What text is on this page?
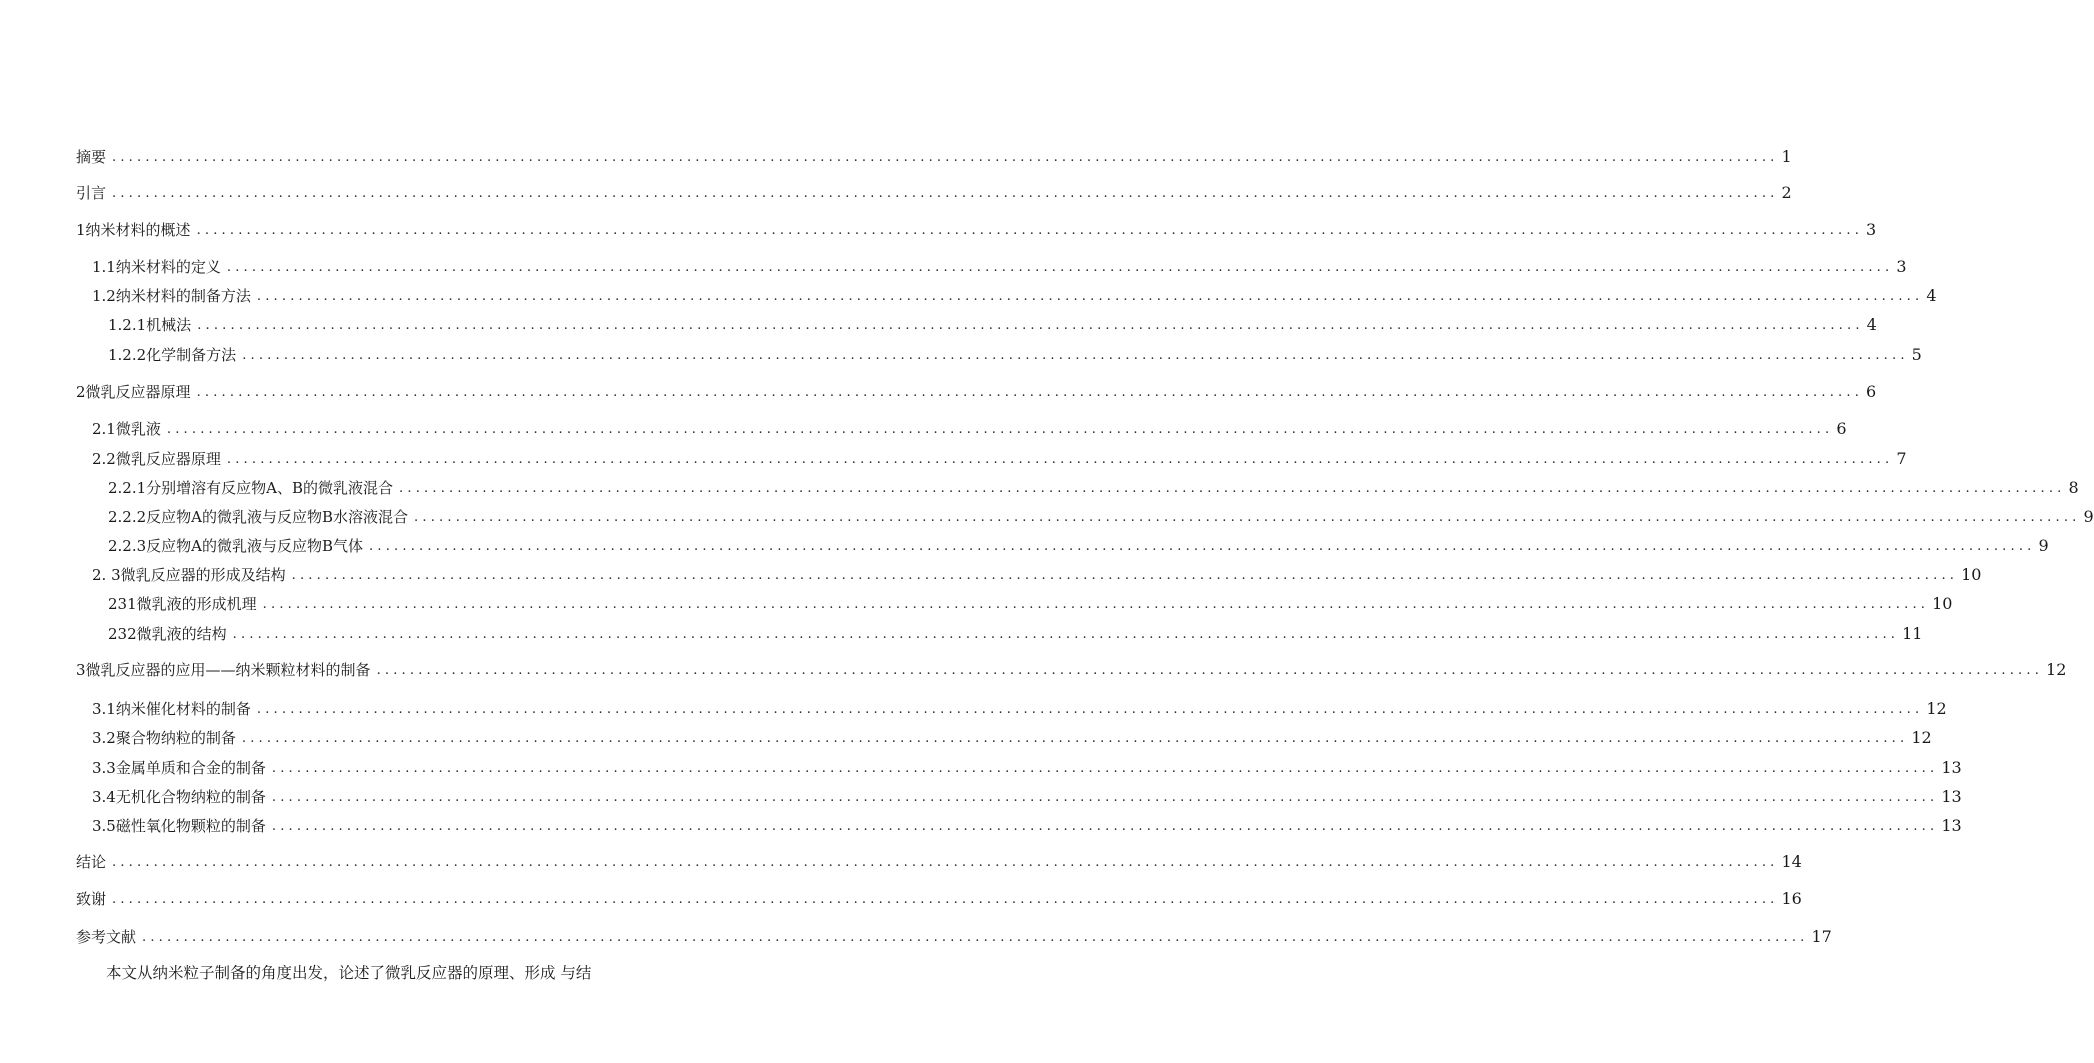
摘要 ........................................................................................................................................................................................................ 1
引言 ........................................................................................................................................................................................................ 2
1 纳米材料的概述 ........................................................................................................................................................................................................ 3
1.1 纳米材料的定义 ........................................................................................................................................................................................................ 3
1.2 纳米材料的制备方法 ........................................................................................................................................................................................................ 4
1.2.1 机械法 ........................................................................................................................................................................................................ 4
1.2.2 化学制备方法 ........................................................................................................................................................................................................ 5
2 微乳反应器原理 ........................................................................................................................................................................................................ 6
2.1 微乳液 ........................................................................................................................................................................................................ 6
2.2 微乳反应器原理 ........................................................................................................................................................................................................ 7
2.2.1 分别增溶有反应物A、B的微乳液混合 ........................................................................................................................................................................................................ 8
2.2.2 反应物A的微乳液与反应物B水溶液混合 ........................................................................................................................................................................................................ 9
2.2.3 反应物A的微乳液与反应物B气体 ........................................................................................................................................................................................................ 9
2. 3 微乳反应器的形成及结构 ........................................................................................................................................................................................................ 10
231 微乳液的形成机理 ........................................................................................................................................................................................................ 10
232 微乳液的结构 ........................................................................................................................................................................................................ 11
3 微乳反应器的应用——纳米颗粒材料的制备 ........................................................................................................................................................................................................ 12
3.1 纳米催化材料的制备 ........................................................................................................................................................................................................ 12
3.2 聚合物纳粒的制备 ........................................................................................................................................................................................................ 12
3.3 金属单质和合金的制备 ........................................................................................................................................................................................................ 13
3.4 无机化合物纳粒的制备 ........................................................................................................................................................................................................ 13
3.5 磁性氧化物颗粒的制备 ........................................................................................................................................................................................................ 13
结论 ........................................................................................................................................................................................................ 14
致谢 ........................................................................................................................................................................................................ 16
参考文献 ........................................................................................................................................................................................................ 17
本文从纳米粒子制备的角度出发，论述了微乳反应器的原理、形成 与结
